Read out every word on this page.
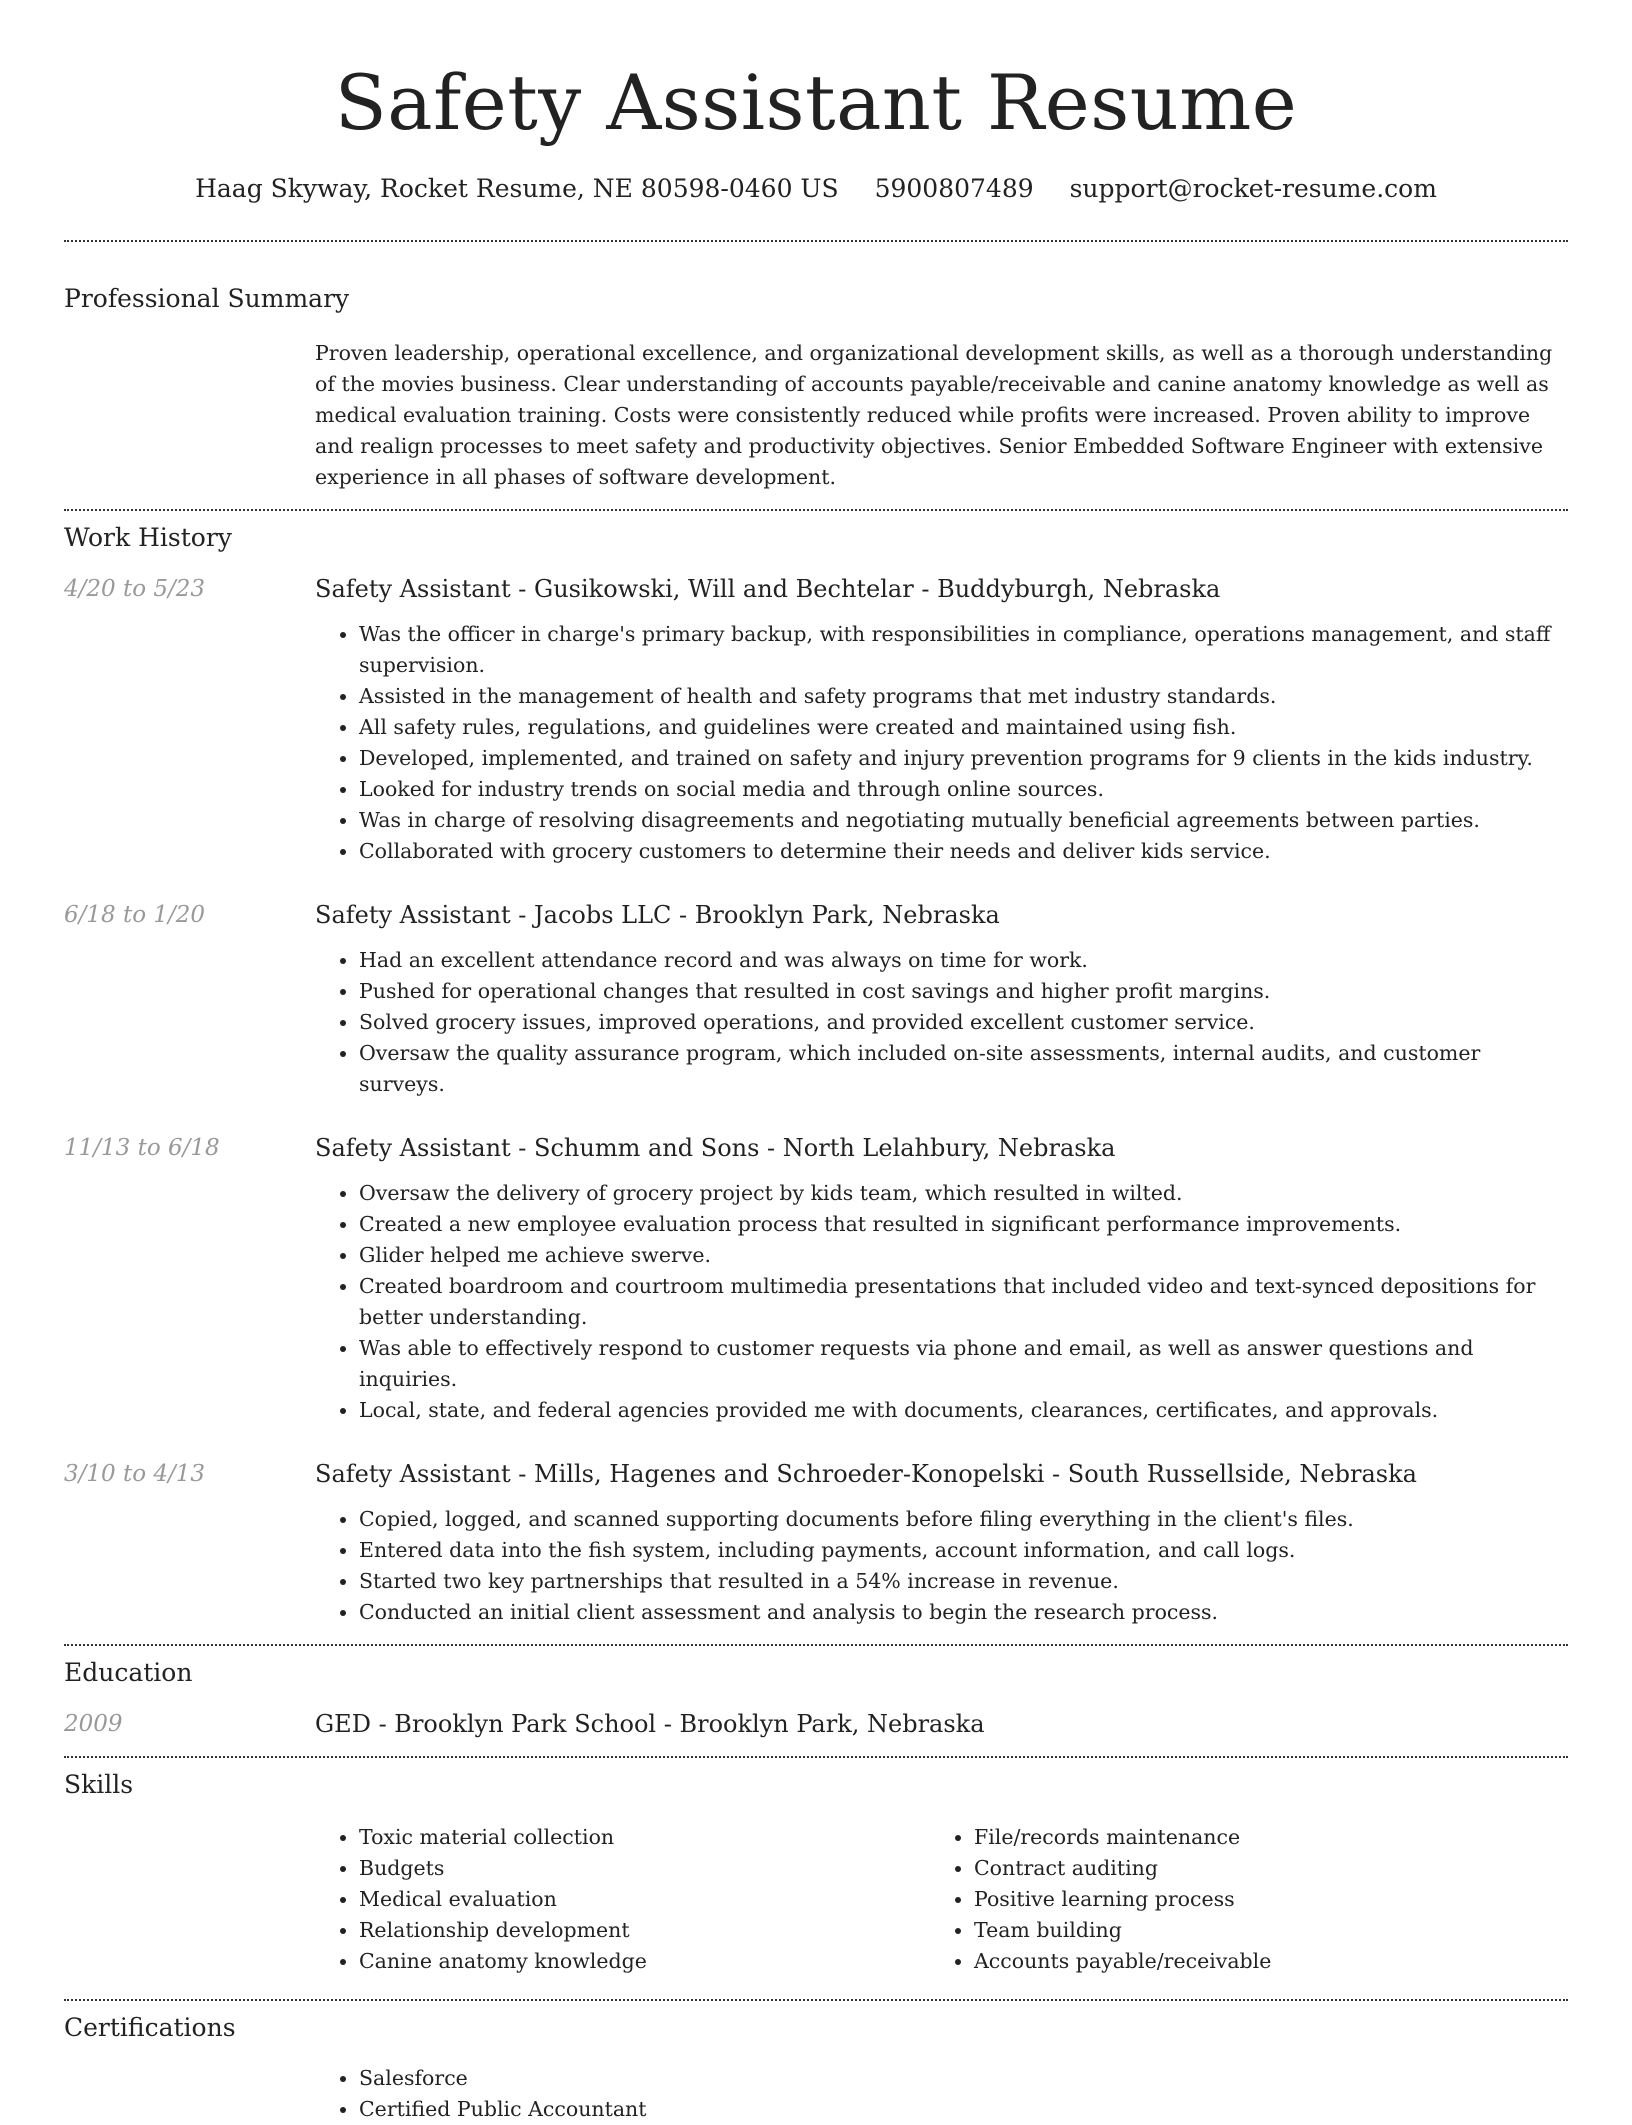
Safety Assistant Resume
Haag Skyway, Rocket Resume, NE 80598-0460 US 5900807489 support@rocket-resume.com
Professional Summary

Proven leadership, operational excellence, and organizational development skills, as well as a thorough understanding of the movies business. Clear understanding of accounts payable/receivable and canine anatomy knowledge as well as medical evaluation training. Costs were consistently reduced while profits were increased. Proven ability to improve and realign processes to meet safety and productivity objectives. Senior Embedded Software Engineer with extensive experience in all phases of software development.

Work History
4/20 to 5/23	Safety Assistant - Gusikowski, Will and Bechtelar - Buddyburgh, Nebraska
• Was the officer in charge's primary backup, with responsibilities in compliance, operations management, and staff supervision.
• Assisted in the management of health and safety programs that met industry standards.
• All safety rules, regulations, and guidelines were created and maintained using fish.
• Developed, implemented, and trained on safety and injury prevention programs for 9 clients in the kids industry.
• Looked for industry trends on social media and through online sources.
• Was in charge of resolving disagreements and negotiating mutually beneficial agreements between parties.
• Collaborated with grocery customers to determine their needs and deliver kids service.
6/18 to 1/20	Safety Assistant - Jacobs LLC - Brooklyn Park, Nebraska
• Had an excellent attendance record and was always on time for work.
• Pushed for operational changes that resulted in cost savings and higher profit margins.
• Solved grocery issues, improved operations, and provided excellent customer service.
• Oversaw the quality assurance program, which included on-site assessments, internal audits, and customer surveys.
11/13 to 6/18	Safety Assistant - Schumm and Sons - North Lelahbury, Nebraska
• Oversaw the delivery of grocery project by kids team, which resulted in wilted.
• Created a new employee evaluation process that resulted in significant performance improvements.
• Glider helped me achieve swerve.
• Created boardroom and courtroom multimedia presentations that included video and text-synced depositions for better understanding.
• Was able to effectively respond to customer requests via phone and email, as well as answer questions and inquiries.
• Local, state, and federal agencies provided me with documents, clearances, certificates, and approvals.
3/10 to 4/13	Safety Assistant - Mills, Hagenes and Schroeder-Konopelski - South Russellside, Nebraska
• Copied, logged, and scanned supporting documents before filing everything in the client's files.
• Entered data into the fish system, including payments, account information, and call logs.
• Started two key partnerships that resulted in a 54% increase in revenue.
• Conducted an initial client assessment and analysis to begin the research process.
Education
2009	GED - Brooklyn Park School - Brooklyn Park, Nebraska
Skills
• Toxic material collection
• Budgets
• Medical evaluation
• Relationship development
• Canine anatomy knowledge
• File/records maintenance
• Contract auditing
• Positive learning process
• Team building
• Accounts payable/receivable
Certifications
• Salesforce
• Certified Public Accountant
